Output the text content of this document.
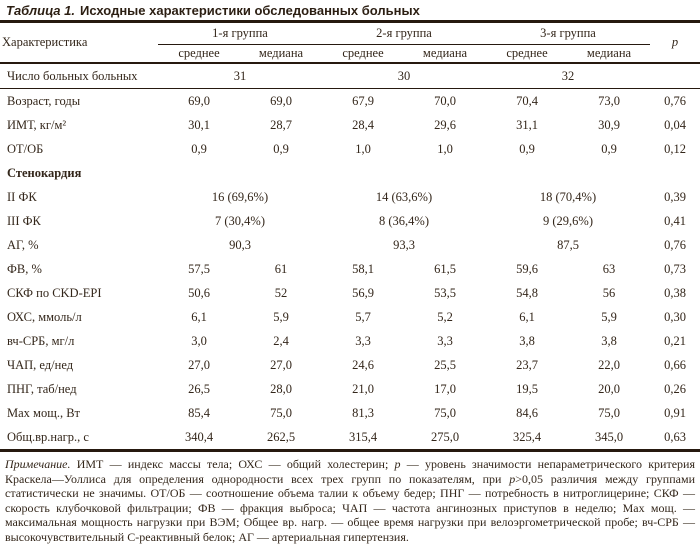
Таблица 1. Исходные характеристики обследованных больных
Характеристика	1-я группа		2-я группа		3-я группа		p
	среднее	медиана	среднее	медиана	среднее	медиана	
Число больных больных	31		30		32		
Возраст, годы	69,0	69,0	67,9	70,0	70,4	73,0	0,76
ИМТ, кг/м²	30,1	28,7	28,4	29,6	31,1	30,9	0,04
ОТ/ОБ	0,9	0,9	1,0	1,0	0,9	0,9	0,12
Стенокардия							
II ФК	16 (69,6%)		14 (63,6%)		18 (70,4%)		0,39
III ФК	7 (30,4%)		8 (36,4%)		9 (29,6%)		0,41
АГ, %	90,3		93,3		87,5		0,76
ФВ, %	57,5	61	58,1	61,5	59,6	63	0,73
СКФ по CKD-EPI	50,6	52	56,9	53,5	54,8	56	0,38
ОХС, ммоль/л	6,1	5,9	5,7	5,2	6,1	5,9	0,30
вч-СРБ, мг/л	3,0	2,4	3,3	3,3	3,8	3,8	0,21
ЧАП, ед/нед	27,0	27,0	24,6	25,5	23,7	22,0	0,66
ПНГ, таб/нед	26,5	28,0	21,0	17,0	19,5	20,0	0,26
Max мощ., Вт	85,4	75,0	81,3	75,0	84,6	75,0	0,91
Общ.вр.нагр., с	340,4	262,5	315,4	275,0	325,4	345,0	0,63

Примечание. ИМТ — индекс массы тела; ОХС — общий холестерин; p — уровень значимости непараметрического критерия Краскела—Уоллиса для определения однородности всех трех групп по показателям, при p>0,05 различия между группами статистически не значимы. ОТ/ОБ — соотношение объема талии к объему бедер; ПНГ — потребность в нитроглицерине; СКФ — скорость клубочковой фильтрации; ФВ — фракция выброса; ЧАП — частота ангинозных приступов в неделю; Max мощ. — максимальная мощность нагрузки при ВЭМ; Общее вр. нагр. — общее время нагрузки при велоэргометрической пробе; вч-СРБ — высокочувствительный С-реактивный белок; АГ — артериальная гипертензия.
